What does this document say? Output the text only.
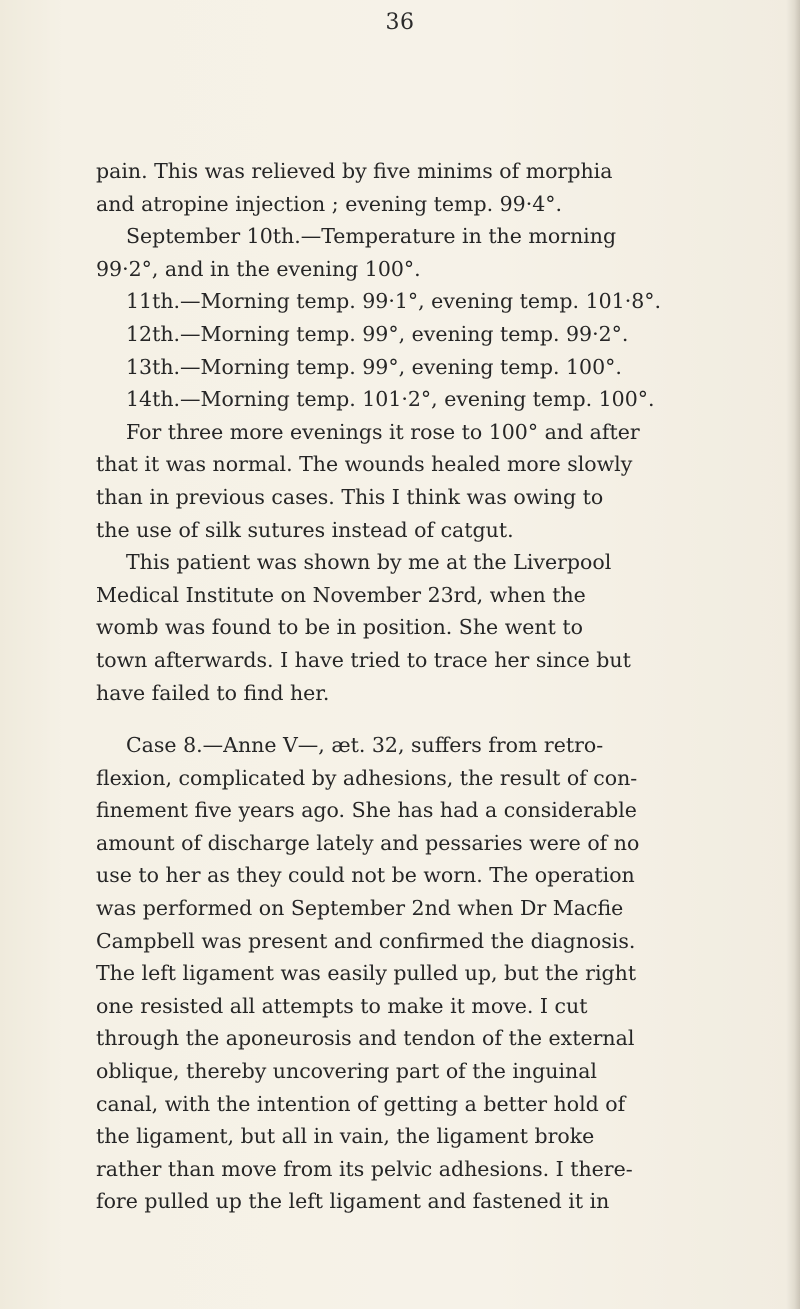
36
pain. This was relieved by five minims of morphia
and atropine injection ; evening temp. 99·4°.
September 10th.—Temperature in the morning
99·2°, and in the evening 100°.
11th.—Morning temp. 99·1°, evening temp. 101·8°.
12th.—Morning temp. 99°, evening temp. 99·2°.
13th.—Morning temp. 99°, evening temp. 100°.
14th.—Morning temp. 101·2°, evening temp. 100°.
For three more evenings it rose to 100° and after
that it was normal. The wounds healed more slowly
than in previous cases. This I think was owing to
the use of silk sutures instead of catgut.
This patient was shown by me at the Liverpool
Medical Institute on November 23rd, when the
womb was found to be in position. She went to
town afterwards. I have tried to trace her since but
have failed to find her.
Case 8.—Anne V—, æt. 32, suffers from retro-
flexion, complicated by adhesions, the result of con-
finement five years ago. She has had a considerable
amount of discharge lately and pessaries were of no
use to her as they could not be worn. The operation
was performed on September 2nd when Dr Macfie
Campbell was present and confirmed the diagnosis.
The left ligament was easily pulled up, but the right
one resisted all attempts to make it move. I cut
through the aponeurosis and tendon of the external
oblique, thereby uncovering part of the inguinal
canal, with the intention of getting a better hold of
the ligament, but all in vain, the ligament broke
rather than move from its pelvic adhesions. I there-
fore pulled up the left ligament and fastened it in
